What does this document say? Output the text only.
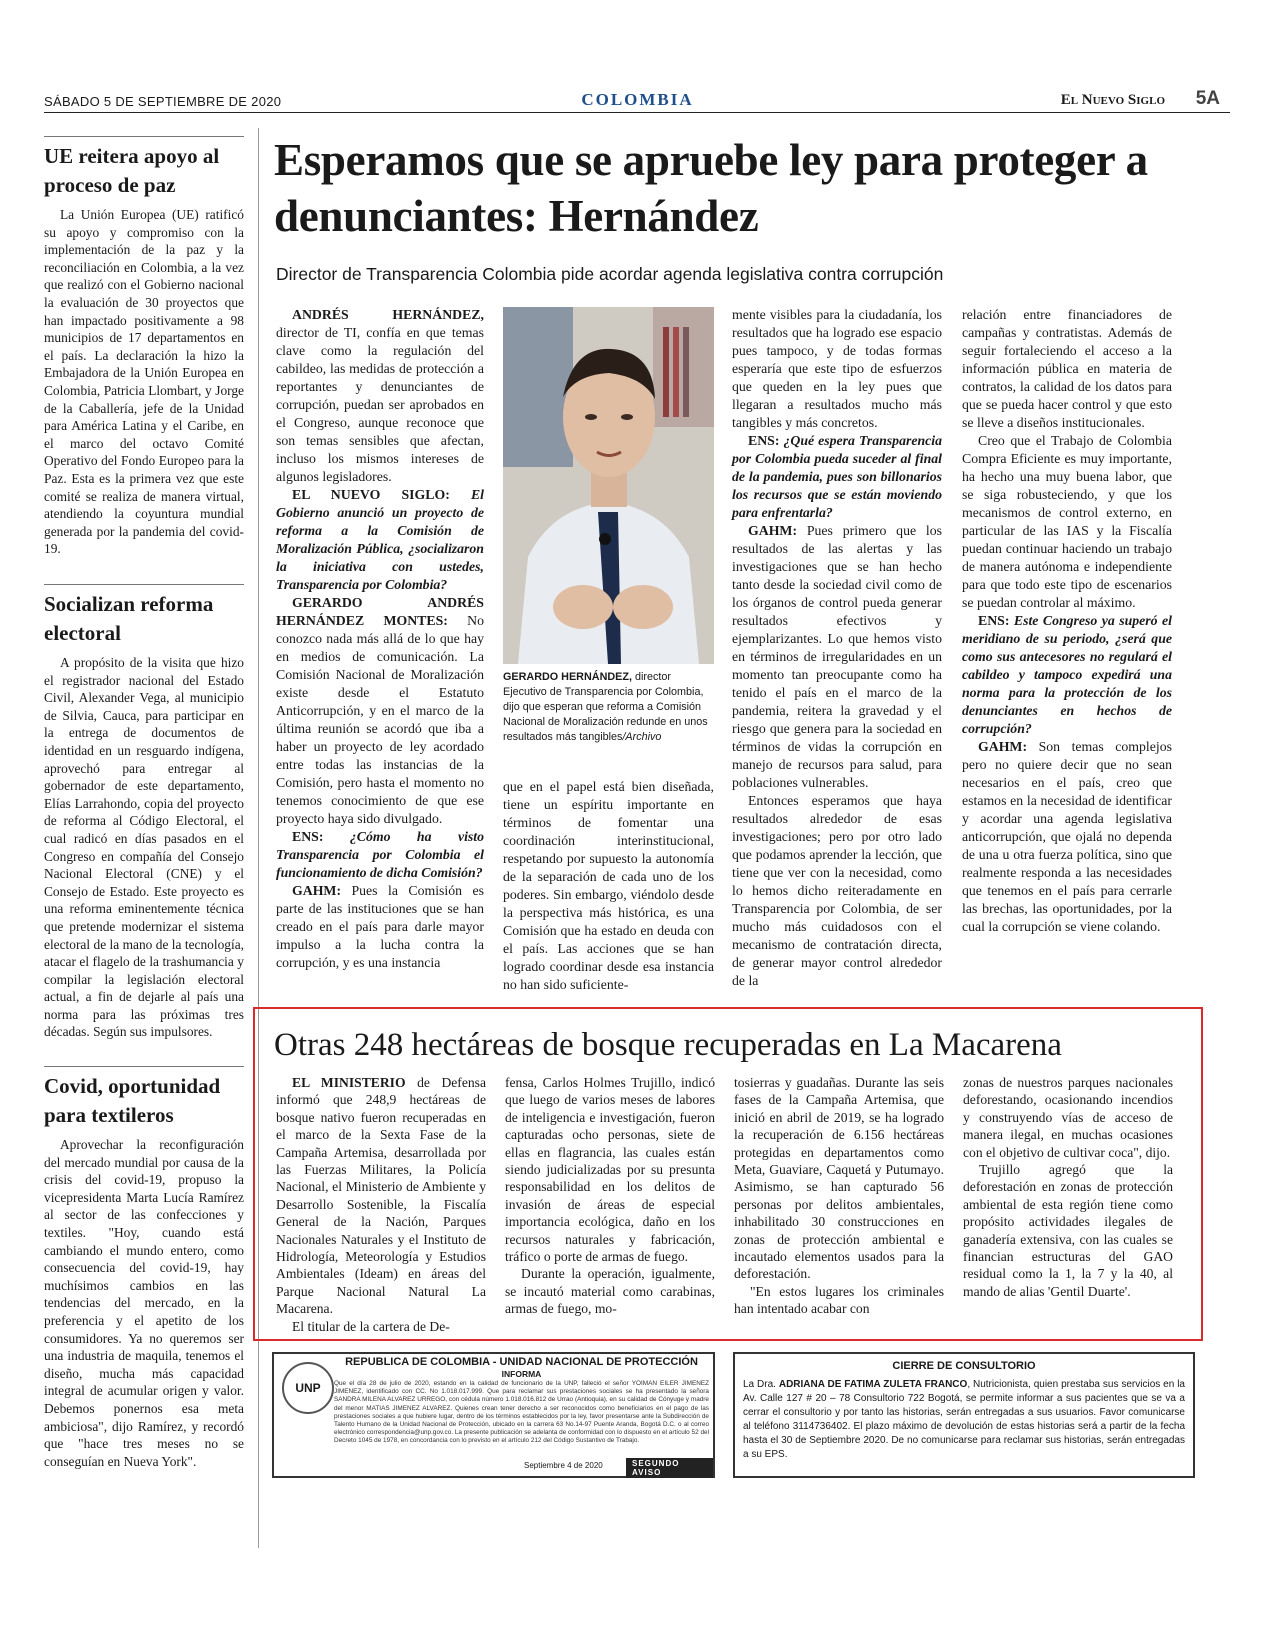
SÁBADO 5 DE SEPTIEMBRE DE 2020	COLOMBIA	El Nuevo Siglo 5A
UE reitera apoyo al proceso de paz

La Unión Europea (UE) ratificó su apoyo y compromiso con la implementación de la paz y la reconciliación en Colombia, a la vez que realizó con el Gobierno nacional la evaluación de 30 proyectos que han impactado positivamente a 98 municipios de 17 departamentos en el país. La declaración la hizo la Embajadora de la Unión Europea en Colombia, Patricia Llombart, y Jorge de la Caballería, jefe de la Unidad para América Latina y el Caribe, en el marco del octavo Comité Operativo del Fondo Europeo para la Paz. Esta es la primera vez que este comité se realiza de manera virtual, atendiendo la coyuntura mundial generada por la pandemia del covid-19.

Socializan reforma electoral

A propósito de la visita que hizo el registrador nacional del Estado Civil, Alexander Vega, al municipio de Silvia, Cauca, para participar en la entrega de documentos de identidad en un resguardo indígena, aprovechó para entregar al gobernador de este departamento, Elías Larrahondo, copia del proyecto de reforma al Código Electoral, el cual radicó en días pasados en el Congreso en compañía del Consejo Nacional Electoral (CNE) y el Consejo de Estado. Este proyecto es una reforma eminentemente técnica que pretende modernizar el sistema electoral de la mano de la tecnología, atacar el flagelo de la trashumancia y compilar la legislación electoral actual, a fin de dejarle al país una norma para las próximas tres décadas. Según sus impulsores.

Covid, oportunidad para textileros

Aprovechar la reconfiguración del mercado mundial por causa de la crisis del covid-19, propuso la vicepresidenta Marta Lucía Ramírez al sector de las confecciones y textiles. "Hoy, cuando está cambiando el mundo entero, como consecuencia del covid-19, hay muchísimos cambios en las tendencias del mercado, en la preferencia y el apetito de los consumidores. Ya no queremos ser una industria de maquila, tenemos el diseño, mucha más capacidad integral de acumular origen y valor. Debemos ponernos esa meta ambiciosa", dijo Ramírez, y recordó que "hace tres meses no se conseguían en Nueva York".

Esperamos que se apruebe ley para proteger a denunciantes: Hernández
Director de Transparencia Colombia pide acordar agenda legislativa contra corrupción

ANDRÉS HERNÁNDEZ, director de TI, confía en que temas clave como la regulación del cabildeo, las medidas de protección a reportantes y denunciantes de corrupción, puedan ser aprobados en el Congreso, aunque reconoce que son temas sensibles que afectan, incluso los mismos intereses de algunos legisladores.

EL NUEVO SIGLO: El Gobierno anunció un proyecto de reforma a la Comisión de Moralización Pública, ¿socializaron la iniciativa con ustedes, Transparencia por Colombia?

GERARDO ANDRÉS HERNÁNDEZ MONTES: No conozco nada más allá de lo que hay en medios de comunicación. La Comisión Nacional de Moralización existe desde el Estatuto Anticorrupción, y en el marco de la última reunión se acordó que iba a haber un proyecto de ley acordado entre todas las instancias de la Comisión, pero hasta el momento no tenemos conocimiento de que ese proyecto haya sido divulgado.

ENS: ¿Cómo ha visto Transparencia por Colombia el funcionamiento de dicha Comisión?

GAHM: Pues la Comisión es parte de las instituciones que se han creado en el país para darle mayor impulso a la lucha contra la corrupción, y es una instancia

GERARDO HERNÁNDEZ, director Ejecutivo de Transparencia por Colombia, dijo que esperan que reforma a Comisión Nacional de Moralización redunde en unos resultados más tangibles/Archivo

que en el papel está bien diseñada, tiene un espíritu importante en términos de fomentar una coordinación interinstitucional, respetando por supuesto la autonomía de la separación de cada uno de los poderes. Sin embargo, viéndolo desde la perspectiva más histórica, es una Comisión que ha estado en deuda con el país. Las acciones que se han logrado coordinar desde esa instancia no han sido suficiente-

mente visibles para la ciudadanía, los resultados que ha logrado ese espacio pues tampoco, y de todas formas esperaría que este tipo de esfuerzos que queden en la ley pues que llegaran a resultados mucho más tangibles y más concretos.

ENS: ¿Qué espera Transparencia por Colombia pueda suceder al final de la pandemia, pues son billonarios los recursos que se están moviendo para enfrentarla?

GAHM: Pues primero que los resultados de las alertas y las investigaciones que se han hecho tanto desde la sociedad civil como de los órganos de control pueda generar resultados efectivos y ejemplarizantes. Lo que hemos visto en términos de irregularidades en un momento tan preocupante como ha tenido el país en el marco de la pandemia, reitera la gravedad y el riesgo que genera para la sociedad en términos de vidas la corrupción en manejo de recursos para salud, para poblaciones vulnerables.

Entonces esperamos que haya resultados alrededor de esas investigaciones; pero por otro lado que podamos aprender la lección, que tiene que ver con la necesidad, como lo hemos dicho reiteradamente en Transparencia por Colombia, de ser mucho más cuidadosos con el mecanismo de contratación directa, de generar mayor control alrededor de la

relación entre financiadores de campañas y contratistas. Además de seguir fortaleciendo el acceso a la información pública en materia de contratos, la calidad de los datos para que se pueda hacer control y que esto se lleve a diseños institucionales.

Creo que el Trabajo de Colombia Compra Eficiente es muy importante, ha hecho una muy buena labor, que se siga robusteciendo, y que los mecanismos de control externo, en particular de las IAS y la Fiscalía puedan continuar haciendo un trabajo de manera autónoma e independiente para que todo este tipo de escenarios se puedan controlar al máximo.

ENS: Este Congreso ya superó el meridiano de su periodo, ¿será que como sus antecesores no regulará el cabildeo y tampoco expedirá una norma para la protección de los denunciantes en hechos de corrupción?

GAHM: Son temas complejos pero no quiere decir que no sean necesarios en el país, creo que estamos en la necesidad de identificar y acordar una agenda legislativa anticorrupción, que ojalá no dependa de una u otra fuerza política, sino que realmente responda a las necesidades que tenemos en el país para cerrarle las brechas, las oportunidades, por la cual la corrupción se viene colando.

Otras 248 hectáreas de bosque recuperadas en La Macarena

EL MINISTERIO de Defensa informó que 248,9 hectáreas de bosque nativo fueron recuperadas en el marco de la Sexta Fase de la Campaña Artemisa, desarrollada por las Fuerzas Militares, la Policía Nacional, el Ministerio de Ambiente y Desarrollo Sostenible, la Fiscalía General de la Nación, Parques Nacionales Naturales y el Instituto de Hidrología, Meteorología y Estudios Ambientales (Ideam) en áreas del Parque Nacional Natural La Macarena.

El titular de la cartera de De-

fensa, Carlos Holmes Trujillo, indicó que luego de varios meses de labores de inteligencia e investigación, fueron capturadas ocho personas, siete de ellas en flagrancia, las cuales están siendo judicializadas por su presunta responsabilidad en los delitos de invasión de áreas de especial importancia ecológica, daño en los recursos naturales y fabricación, tráfico o porte de armas de fuego.

Durante la operación, igualmente, se incautó material como carabinas, armas de fuego, mo-

tosierras y guadañas. Durante las seis fases de la Campaña Artemisa, que inició en abril de 2019, se ha logrado la recuperación de 6.156 hectáreas protegidas en departamentos como Meta, Guaviare, Caquetá y Putumayo. Asimismo, se han capturado 56 personas por delitos ambientales, inhabilitado 30 construcciones en zonas de protección ambiental e incautado elementos usados para la deforestación.

"En estos lugares los criminales han intentado acabar con

zonas de nuestros parques nacionales deforestando, ocasionando incendios y construyendo vías de acceso de manera ilegal, en muchas ocasiones con el objetivo de cultivar coca", dijo.

Trujillo agregó que la deforestación en zonas de protección ambiental de esta región tiene como propósito actividades ilegales de ganadería extensiva, con las cuales se financian estructuras del GAO residual como la 1, la 7 y la 40, al mando de alias 'Gentil Duarte'.

UNP
REPUBLICA DE COLOMBIA - UNIDAD NACIONAL DE PROTECCIÓN
INFORMA
Que el día 28 de julio de 2020, estando en la calidad de funcionario de la UNP, falleció el señor YOIMAN EILER JIMENEZ JIMENEZ, identificado con CC. No 1.018.017.999. Que para reclamar sus prestaciones sociales se ha presentado la señora SANDRA MILENA ALVAREZ URREGO, con cédula número 1.018.016.812 de Urrao (Antioquia), en su calidad de Cónyuge y madre del menor MATIAS JIMENEZ ALVAREZ. Quienes crean tener derecho a ser reconocidos como beneficiarios en el pago de las prestaciones sociales a que hubiere lugar, dentro de los términos establecidos por la ley, favor presentarse ante la Subdirección de Talento Humano de la Unidad Nacional de Protección, ubicado en la carrera 63 No.14-97 Puente Aranda, Bogotá D.C. o al correo electrónico correspondencia@unp.gov.co. La presente publicación se adelanta de conformidad con lo dispuesto en el artículo 52 del Decreto 1045 de 1978, en concordancia con lo previsto en el artículo 212 del Código Sustantivo de Trabajo.
Septiembre 4 de 2020	SEGUNDO AVISO
CIERRE DE CONSULTORIO
La Dra. ADRIANA DE FATIMA ZULETA FRANCO, Nutricionista, quien prestaba sus servicios en la Av. Calle 127 # 20 – 78 Consultorio 722 Bogotá, se permite informar a sus pacientes que se va a cerrar el consultorio y por tanto las historias, serán entregadas a sus usuarios. Favor comunicarse al teléfono 3114736402. El plazo máximo de devolución de estas historias será a partir de la fecha hasta el 30 de Septiembre 2020. De no comunicarse para reclamar sus historias, serán entregadas a su EPS.
